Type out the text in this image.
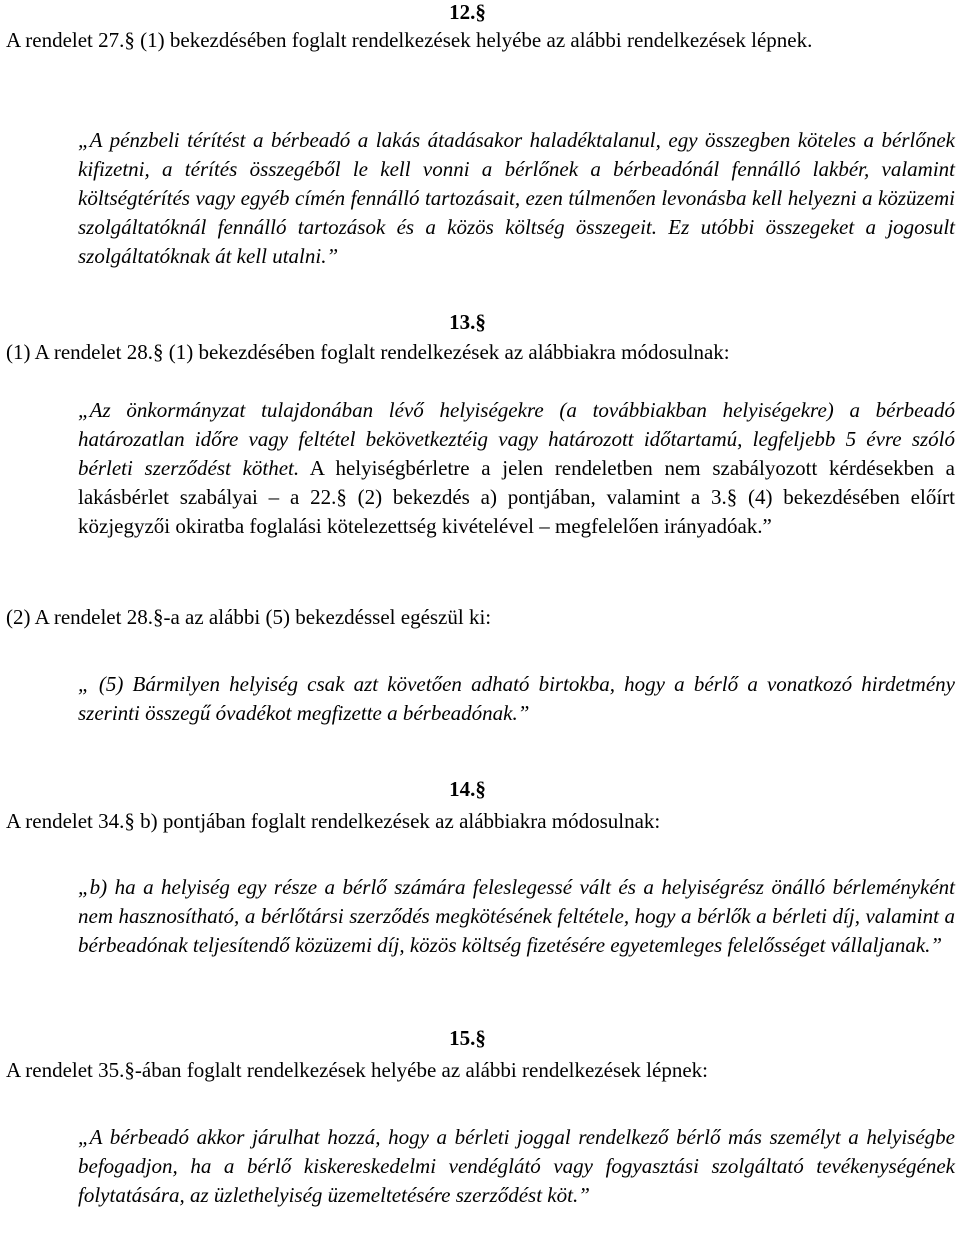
12.§
A rendelet 27.§ (1) bekezdésében foglalt rendelkezések helyébe az alábbi rendelkezések lépnek.
„A pénzbeli térítést a bérbeadó a lakás átadásakor haladéktalanul, egy összegben köteles a bérlőnek kifizetni, a térítés összegéből le kell vonni a bérlőnek a bérbeadónál fennálló lakbér, valamint költségtérítés vagy egyéb címén fennálló tartozásait, ezen túlmenően levonásba kell helyezni a közüzemi szolgáltatóknál fennálló tartozások és a közös költség összegeit. Ez utóbbi összegeket a jogosult szolgáltatóknak át kell utalni.”
13.§
(1) A rendelet 28.§ (1) bekezdésében foglalt rendelkezések az alábbiakra módosulnak:
„Az önkormányzat tulajdonában lévő helyiségekre (a továbbiakban helyiségekre) a bérbeadó határozatlan időre vagy feltétel bekövetkeztéig vagy határozott időtartamú, legfeljebb 5 évre szóló bérleti szerződést köthet. A helyiségbérletre a jelen rendeletben nem szabályozott kérdésekben a lakásbérlet szabályai – a 22.§ (2) bekezdés a) pontjában, valamint a 3.§ (4) bekezdésében előírt közjegyzői okiratba foglalási kötelezettség kivételével – megfelelően irányadóak.”
(2) A rendelet 28.§-a az alábbi (5) bekezdéssel egészül ki:
„ (5) Bármilyen helyiség csak azt követően adható birtokba, hogy a bérlő a vonatkozó hirdetmény szerinti összegű óvadékot megfizette a bérbeadónak.”
14.§
A rendelet 34.§ b) pontjában foglalt rendelkezések az alábbiakra módosulnak:
„b) ha a helyiség egy része a bérlő számára feleslegessé vált és a helyiségrész önálló bérleményként nem hasznosítható, a bérlőtársi szerződés megkötésének feltétele, hogy a bérlők a bérleti díj, valamint a bérbeadónak teljesítendő közüzemi díj, közös költség fizetésére egyetemleges felelősséget vállaljanak.”
15.§
A rendelet 35.§-ában foglalt rendelkezések helyébe az alábbi rendelkezések lépnek:
„A bérbeadó akkor járulhat hozzá, hogy a bérleti joggal rendelkező bérlő más személyt a helyiségbe befogadjon, ha a bérlő kiskereskedelmi vendéglátó vagy fogyasztási szolgáltató tevékenységének folytatására, az üzlethelyiség üzemeltetésére szerződést köt.”
